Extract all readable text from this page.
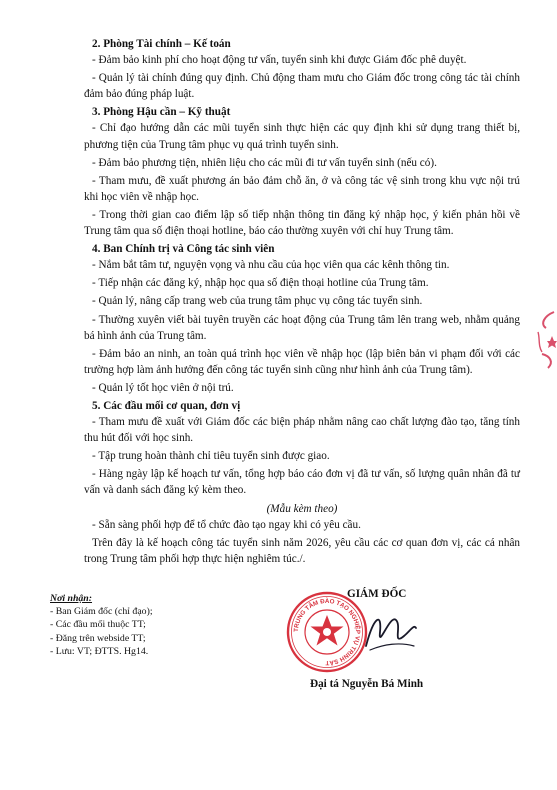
2. Phòng Tài chính – Kế toán

- Đảm bảo kinh phí cho hoạt động tư vấn, tuyển sinh khi được Giám đốc phê duyệt.

- Quản lý tài chính đúng quy định. Chủ động tham mưu cho Giám đốc trong công tác tài chính đảm bảo đúng pháp luật.

3. Phòng Hậu cần – Kỹ thuật

- Chỉ đạo hướng dẫn các mũi tuyển sinh thực hiện các quy định khi sử dụng trang thiết bị, phương tiện của Trung tâm phục vụ quá trình tuyển sinh.

- Đảm bảo phương tiện, nhiên liệu cho các mũi đi tư vấn tuyển sinh (nếu có).

- Tham mưu, đề xuất phương án bảo đảm chỗ ăn, ở và công tác vệ sinh trong khu vực nội trú khi học viên về nhập học.

- Trong thời gian cao điểm lập số tiếp nhận thông tin đăng ký nhập học, ý kiến phản hồi về Trung tâm qua số điện thoại hotline, báo cáo thường xuyên với chỉ huy Trung tâm.

4. Ban Chính trị và Công tác sinh viên

- Nắm bắt tâm tư, nguyện vọng và nhu cầu của học viên qua các kênh thông tin.

- Tiếp nhận các đăng ký, nhập học qua số điện thoại hotline của Trung tâm.

- Quản lý, nâng cấp trang web của trung tâm phục vụ công tác tuyển sinh.

- Thường xuyên viết bài tuyên truyền các hoạt động của Trung tâm lên trang web, nhằm quảng bá hình ảnh của Trung tâm.

- Đảm bảo an ninh, an toàn quá trình học viên về nhập học (lập biên bản vi phạm đối với các trường hợp làm ảnh hưởng đến công tác tuyển sinh cũng như hình ảnh của Trung tâm).

- Quản lý tốt học viên ở nội trú.

5. Các đầu mối cơ quan, đơn vị

- Tham mưu đề xuất với Giám đốc các biện pháp nhằm nâng cao chất lượng đào tạo, tăng tính thu hút đối với học sinh.

- Tập trung hoàn thành chỉ tiêu tuyển sinh được giao.

- Hàng ngày lập kế hoạch tư vấn, tổng hợp báo cáo đơn vị đã tư vấn, số lượng quân nhân đã tư vấn và danh sách đăng ký kèm theo.

(Mẫu kèm theo)

- Sẵn sàng phối hợp để tổ chức đào tạo ngay khi có yêu cầu.

Trên đây là kế hoạch công tác tuyển sinh năm 2026, yêu cầu các cơ quan đơn vị, các cá nhân trong Trung tâm phối hợp thực hiện nghiêm túc./.

Nơi nhận:
- Ban Giám đốc (chỉ đạo);
- Các đầu mối thuộc TT;
- Đăng trên webside TT;
- Lưu: VT; ĐTTS. Hg14.
GIÁM ĐỐC
TRUNG TÂM ĐÀO TẠO NGHIỆP VỤ TRINH SÁT
Đại tá Nguyễn Bá Minh
